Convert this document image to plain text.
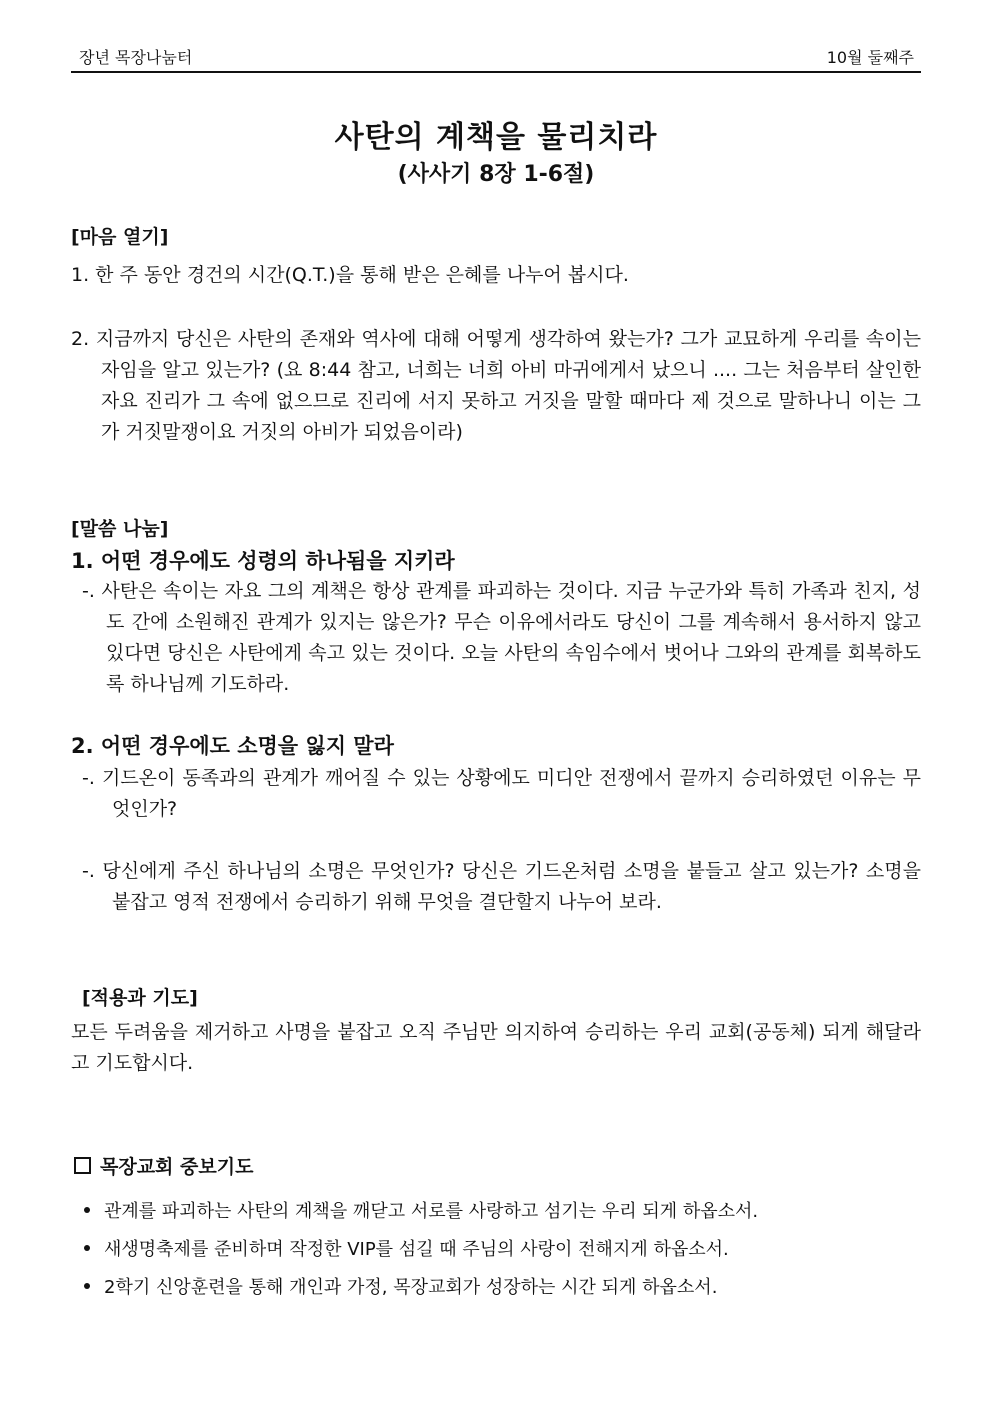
장년 목장나눔터	10월 둘째주
사탄의 계책을 물리치라
(사사기 8장 1-6절)
[마음 열기]
1. 한 주 동안 경건의 시간(Q.T.)을 통해 받은 은혜를 나누어 봅시다.
2. 지금까지 당신은 사탄의 존재와 역사에 대해 어떻게 생각하여 왔는가? 그가 교묘하게 우리를 속이는 자임을 알고 있는가? (요 8:44 참고, 너희는 너희 아비 마귀에게서 났으니 .... 그는 처음부터 살인한 자요 진리가 그 속에 없으므로 진리에 서지 못하고 거짓을 말할 때마다 제 것으로 말하나니 이는 그가 거짓말쟁이요 거짓의 아비가 되었음이라)
[말씀 나눔]
1. 어떤 경우에도 성령의 하나됨을 지키라
-. 사탄은 속이는 자요 그의 계책은 항상 관계를 파괴하는 것이다. 지금 누군가와 특히 가족과 친지, 성도 간에 소원해진 관계가 있지는 않은가? 무슨 이유에서라도 당신이 그를 계속해서 용서하지 않고 있다면 당신은 사탄에게 속고 있는 것이다. 오늘 사탄의 속임수에서 벗어나 그와의 관계를 회복하도록 하나님께 기도하라.
2. 어떤 경우에도 소명을 잃지 말라
-. 기드온이 동족과의 관계가 깨어질 수 있는 상황에도 미디안 전쟁에서 끝까지 승리하였던 이유는 무엇인가?
-. 당신에게 주신 하나님의 소명은 무엇인가? 당신은 기드온처럼 소명을 붙들고 살고 있는가? 소명을 붙잡고 영적 전쟁에서 승리하기 위해 무엇을 결단할지 나누어 보라.
[적용과 기도]
모든 두려움을 제거하고 사명을 붙잡고 오직 주님만 의지하여 승리하는 우리 교회(공동체) 되게 해달라고 기도합시다.
목장교회 중보기도
관계를 파괴하는 사탄의 계책을 깨닫고 서로를 사랑하고 섬기는 우리 되게 하옵소서.
새생명축제를 준비하며 작정한 VIP를 섬길 때 주님의 사랑이 전해지게 하옵소서.
2학기 신앙훈련을 통해 개인과 가정, 목장교회가 성장하는 시간 되게 하옵소서.
